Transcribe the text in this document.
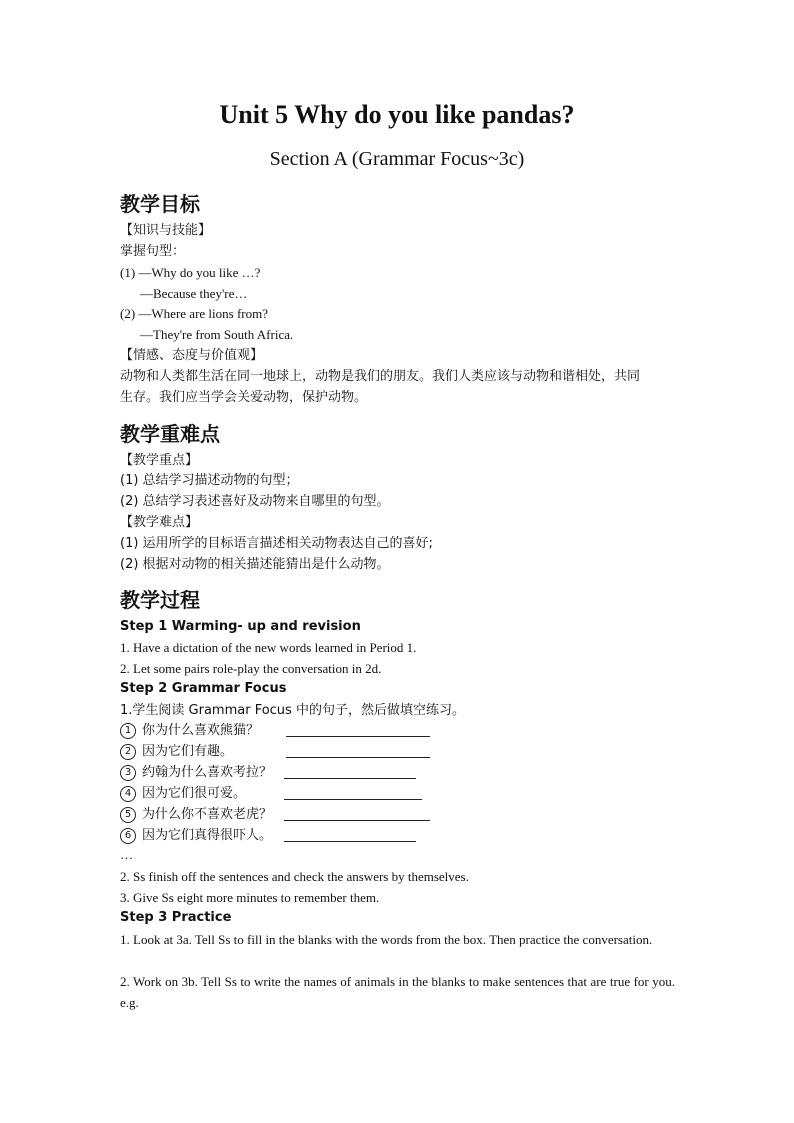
Unit 5 Why do you like pandas?
Section A (Grammar Focus~3c)
教学目标
【知识与技能】
掌握句型：
(1) —Why do you like …?
—Because they're…
(2) —Where are lions from?
—They're from South Africa.
【情感、态度与价值观】
动物和人类都生活在同一地球上，动物是我们的朋友。我们人类应该与动物和谐相处，共同
生存。我们应当学会关爱动物，保护动物。
教学重难点
【教学重点】
(1) 总结学习描述动物的句型；
(2) 总结学习表述喜好及动物来自哪里的句型。
【教学难点】
(1) 运用所学的目标语言描述相关动物表达自己的喜好;
(2) 根据对动物的相关描述能猜出是什么动物。
教学过程
Step 1 Warming- up and revision
1. Have a dictation of the new words learned in Period 1.
2. Let some pairs role-play the conversation in 2d.
Step 2 Grammar Focus
1.学生阅读 Grammar Focus 中的句子，然后做填空练习。
1 你为什么喜欢熊猫？
2 因为它们有趣。
3 约翰为什么喜欢考拉？
4 因为它们很可爱。
5 为什么你不喜欢老虎？
6 因为它们真得很吓人。
…
2. Ss finish off the sentences and check the answers by themselves.
3. Give Ss eight more minutes to remember them.
Step 3 Practice
1. Look at 3a. Tell Ss to fill in the blanks with the words from the box. Then practice the conversation.
2. Work on 3b. Tell Ss to write the names of animals in the blanks to make sentences that are true for you. e.g.
